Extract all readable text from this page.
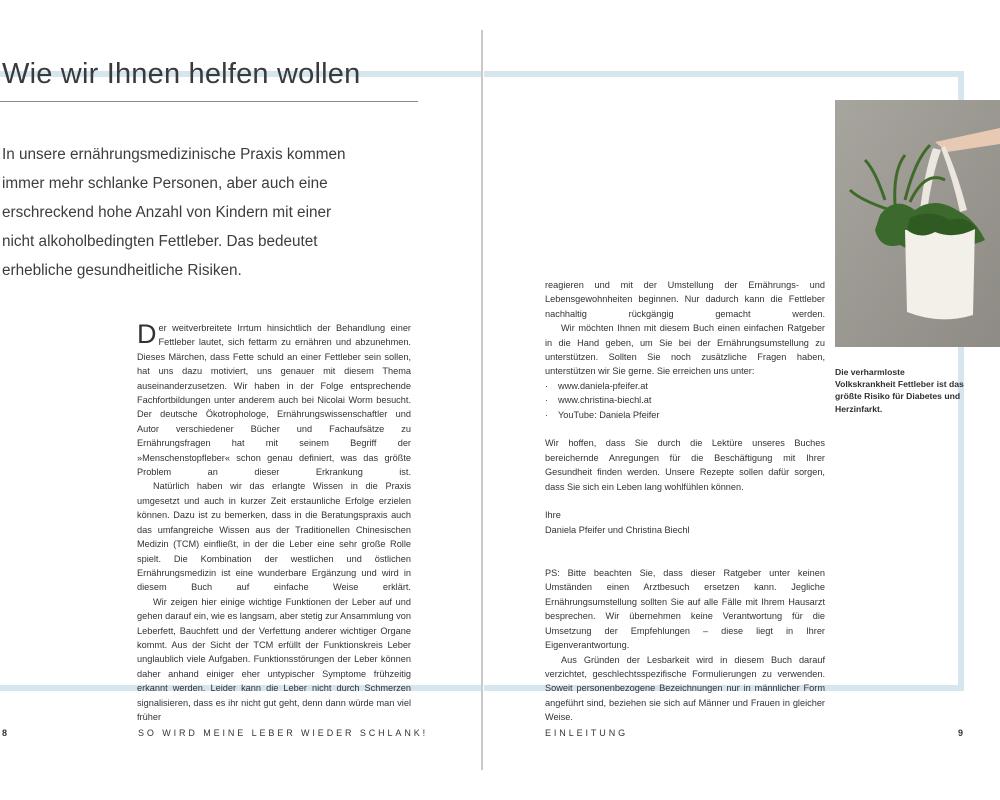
Wie wir Ihnen helfen wollen
In unsere ernährungsmedizinische Praxis kommen
immer mehr schlanke Personen, aber auch eine
erschreckend hohe Anzahl von Kindern mit einer
nicht alkoholbedingten Fettleber. Das bedeutet
erhebliche gesundheitliche Risiken.

Der weitverbreitete Irrtum hinsichtlich der Behandlung einer Fettleber lautet, sich fettarm zu ernähren und abzunehmen. Dieses Märchen, dass Fette schuld an einer Fettleber sein sollen, hat uns dazu motiviert, uns genauer mit diesem Thema auseinanderzusetzen. Wir haben in der Folge entsprechende Fachfortbildungen unter anderem auch bei Nicolai Worm besucht. Der deutsche Ökotrophologe, Ernährungswissenschaftler und Autor verschiedener Bücher und Fachaufsätze zu Ernährungsfragen hat mit seinem Begriff der »Menschenstopfleber« schon genau definiert, was das größte Problem an dieser Erkrankung ist.

Natürlich haben wir das erlangte Wissen in die Praxis umgesetzt und auch in kurzer Zeit erstaunliche Erfolge erzielen können. Dazu ist zu bemerken, dass in die Beratungspraxis auch das umfangreiche Wissen aus der Traditionellen Chinesischen Medizin (TCM) einfließt, in der die Leber eine sehr große Rolle spielt. Die Kombination der westlichen und östlichen Ernährungsmedizin ist eine wunderbare Ergänzung und wird in diesem Buch auf einfache Weise erklärt.

Wir zeigen hier einige wichtige Funktionen der Leber auf und gehen darauf ein, wie es langsam, aber stetig zur Ansammlung von Leberfett, Bauchfett und der Verfettung anderer wichtiger Organe kommt. Aus der Sicht der TCM erfüllt der Funktionskreis Leber unglaublich viele Aufgaben. Funktionsstörungen der Leber können daher anhand einiger eher untypischer Symptome frühzeitig erkannt werden. Leider kann die Leber nicht durch Schmerzen signalisieren, dass es ihr nicht gut geht, denn dann würde man viel früher

reagieren und mit der Umstellung der Ernährungs- und Lebensgewohnheiten beginnen. Nur dadurch kann die Fettleber nachhaltig rückgängig gemacht werden.

Wir möchten Ihnen mit diesem Buch einen einfachen Ratgeber in die Hand geben, um Sie bei der Ernährungsumstellung zu unterstützen. Sollten Sie noch zusätzliche Fragen haben, unterstützen wir Sie gerne. Sie erreichen uns unter:

·	www.daniela-pfeifer.at
·	www.christina-biechl.at
·	YouTube: Daniela Pfeifer

Wir hoffen, dass Sie durch die Lektüre unseres Buches bereichernde Anregungen für die Beschäftigung mit Ihrer Gesundheit finden werden. Unsere Rezepte sollen dafür sorgen, dass Sie sich ein Leben lang wohlfühlen können.

Ihre

Daniela Pfeifer und Christina Biechl

PS: Bitte beachten Sie, dass dieser Ratgeber unter keinen Umständen einen Arztbesuch ersetzen kann. Jegliche Ernährungsumstellung sollten Sie auf alle Fälle mit Ihrem Hausarzt besprechen. Wir übernehmen keine Verantwortung für die Umsetzung der Empfehlungen – diese liegt in Ihrer Eigenverantwortung.

Aus Gründen der Lesbarkeit wird in diesem Buch darauf verzichtet, geschlechtsspezifische Formulierungen zu verwenden. Soweit personenbezogene Bezeichnungen nur in männlicher Form angeführt sind, beziehen sie sich auf Männer und Frauen in gleicher Weise.

Die verharmloste Volkskrankheit Fettleber ist das größte Risiko für Diabetes und Herzinfarkt.
8	SO WIRD MEINE LEBER WIEDER SCHLANK!	EINLEITUNG	9
